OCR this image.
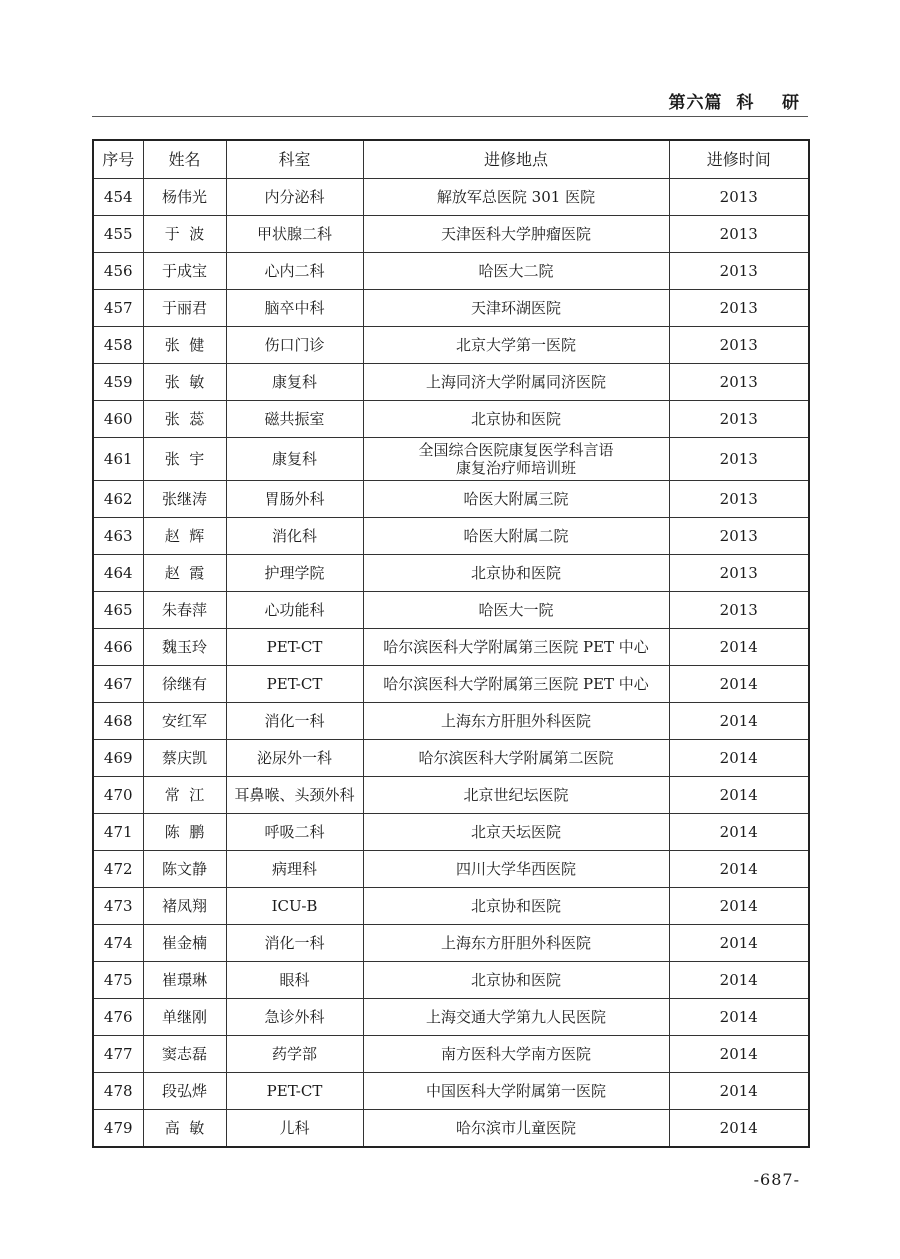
第六篇  科    研
序号	姓名	科室	进修地点	进修时间
454	杨伟光	内分泌科	解放军总医院 301 医院	2013
455	于  波	甲状腺二科	天津医科大学肿瘤医院	2013
456	于成宝	心内二科	哈医大二院	2013
457	于丽君	脑卒中科	天津环湖医院	2013
458	张  健	伤口门诊	北京大学第一医院	2013
459	张  敏	康复科	上海同济大学附属同济医院	2013
460	张  蕊	磁共振室	北京协和医院	2013
461	张  宇	康复科	全国综合医院康复医学科言语
康复治疗师培训班	2013
462	张继涛	胃肠外科	哈医大附属三院	2013
463	赵  辉	消化科	哈医大附属二院	2013
464	赵  霞	护理学院	北京协和医院	2013
465	朱春萍	心功能科	哈医大一院	2013
466	魏玉玲	PET-CT	哈尔滨医科大学附属第三医院 PET 中心	2014
467	徐继有	PET-CT	哈尔滨医科大学附属第三医院 PET 中心	2014
468	安红军	消化一科	上海东方肝胆外科医院	2014
469	蔡庆凯	泌尿外一科	哈尔滨医科大学附属第二医院	2014
470	常  江	耳鼻喉、头颈外科	北京世纪坛医院	2014
471	陈  鹏	呼吸二科	北京天坛医院	2014
472	陈文静	病理科	四川大学华西医院	2014
473	褚凤翔	ICU-B	北京协和医院	2014
474	崔金楠	消化一科	上海东方肝胆外科医院	2014
475	崔璟琳	眼科	北京协和医院	2014
476	单继刚	急诊外科	上海交通大学第九人民医院	2014
477	窦志磊	药学部	南方医科大学南方医院	2014
478	段弘烨	PET-CT	中国医科大学附属第一医院	2014
479	高  敏	儿科	哈尔滨市儿童医院	2014
-687-
